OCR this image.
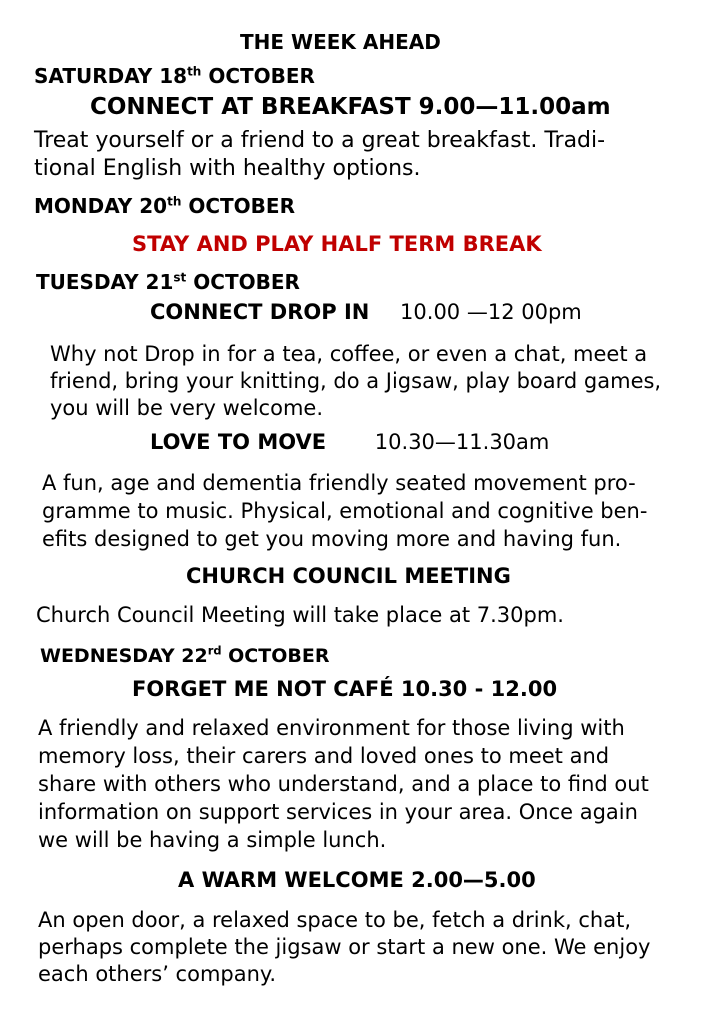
THE WEEK AHEAD
SATURDAY 18th OCTOBER
CONNECT AT BREAKFAST 9.00—11.00am
Treat yourself or a friend to a great breakfast. Tradi-
tional English with healthy options.
MONDAY 20th OCTOBER
STAY AND PLAY HALF TERM BREAK
TUESDAY 21st OCTOBER
CONNECT DROP IN 10.00 —12 00pm
Why not Drop in for a tea, coffee, or even a chat, meet a
friend, bring your knitting, do a Jigsaw, play board games,
you will be very welcome.
LOVE TO MOVE 10.30—11.30am
A fun, age and dementia friendly seated movement pro-
gramme to music. Physical, emotional and cognitive ben-
efits designed to get you moving more and having fun.
CHURCH COUNCIL MEETING
Church Council Meeting will take place at 7.30pm.
WEDNESDAY 22rd OCTOBER
FORGET ME NOT CAFÉ 10.30 - 12.00
A friendly and relaxed environment for those living with
memory loss, their carers and loved ones to meet and
share with others who understand, and a place to find out
information on support services in your area. Once again
we will be having a simple lunch.
A WARM WELCOME 2.00—5.00
An open door, a relaxed space to be, fetch a drink, chat,
perhaps complete the jigsaw or start a new one. We enjoy
each others’ company.
